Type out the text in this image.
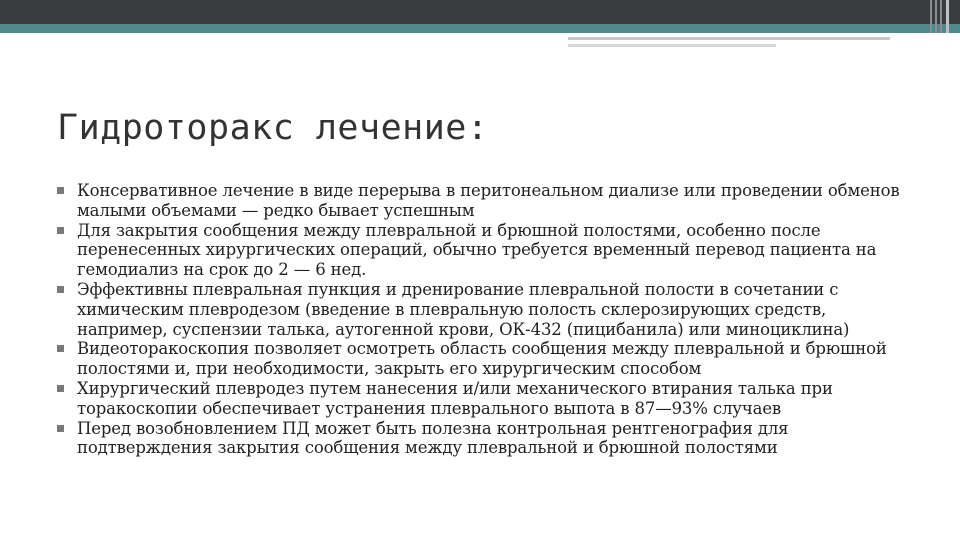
Гидроторакс лечение:
Консервативное лечение в виде перерыва в перитонеальном диализе или проведении обменов малыми объемами — редко бывает успешным
Для закрытия сообщения между плевральной и брюшной полостями, особенно после перенесенных хирургических операций, обычно требуется временный перевод пациента на гемодиализ на срок до 2 — 6 нед.
Эффективны плевральная пункция и дренирование плевральной полости в сочетании с химическим плевродезом (введение в плевральную полость склерозирующих средств, например, суспензии талька, аутогенной крови, ОК-432 (пицибанила) или миноциклина)
Видеоторакоскопия позволяет осмотреть область сообщения между плевральной и брюшной полостями и, при необходимости, закрыть его хирургическим способом
Хирургический плевродез путем нанесения и/или механического втирания талька при торакоскопии обеспечивает устранения плеврального выпота в 87—93% случаев
Перед возобновлением ПД может быть полезна контрольная рентгенография для подтверждения закрытия сообщения между плевральной и брюшной полостями
